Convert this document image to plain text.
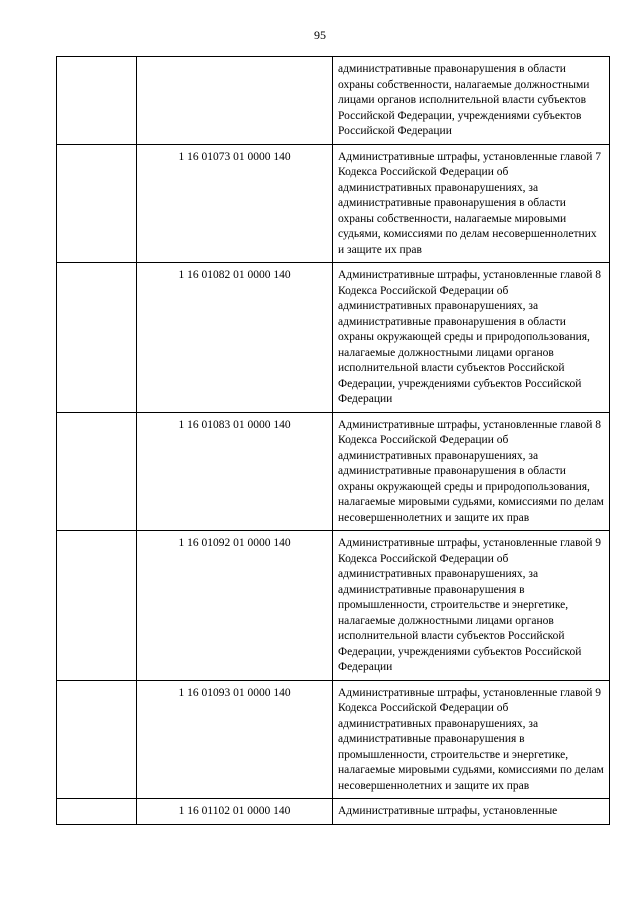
95
		административные правонарушения в области охраны собственности, налагаемые должностными лицами органов исполнительной власти субъектов Российской Федерации, учреждениями субъектов Российской Федерации
	1 16 01073 01 0000 140	Административные штрафы, установленные главой 7 Кодекса Российской Федерации об административных правонарушениях, за административные правонарушения в области охраны собственности, налагаемые мировыми судьями, комиссиями по делам несовершеннолетних и защите их прав
	1 16 01082 01 0000 140	Административные штрафы, установленные главой 8 Кодекса Российской Федерации об административных правонарушениях, за административные правонарушения в области охраны окружающей среды и природопользования, налагаемые должностными лицами органов исполнительной власти субъектов Российской Федерации, учреждениями субъектов Российской Федерации
	1 16 01083 01 0000 140	Административные штрафы, установленные главой 8 Кодекса Российской Федерации об административных правонарушениях, за административные правонарушения в области охраны окружающей среды и природопользования, налагаемые мировыми судьями, комиссиями по делам несовершеннолетних и защите их прав
	1 16 01092 01 0000 140	Административные штрафы, установленные главой 9 Кодекса Российской Федерации об административных правонарушениях, за административные правонарушения в промышленности, строительстве и энергетике, налагаемые должностными лицами органов исполнительной власти субъектов Российской Федерации, учреждениями субъектов Российской Федерации
	1 16 01093 01 0000 140	Административные штрафы, установленные главой 9 Кодекса Российской Федерации об административных правонарушениях, за административные правонарушения в промышленности, строительстве и энергетике, налагаемые мировыми судьями, комиссиями по делам несовершеннолетних и защите их прав
	1 16 01102 01 0000 140	Административные штрафы, установленные
